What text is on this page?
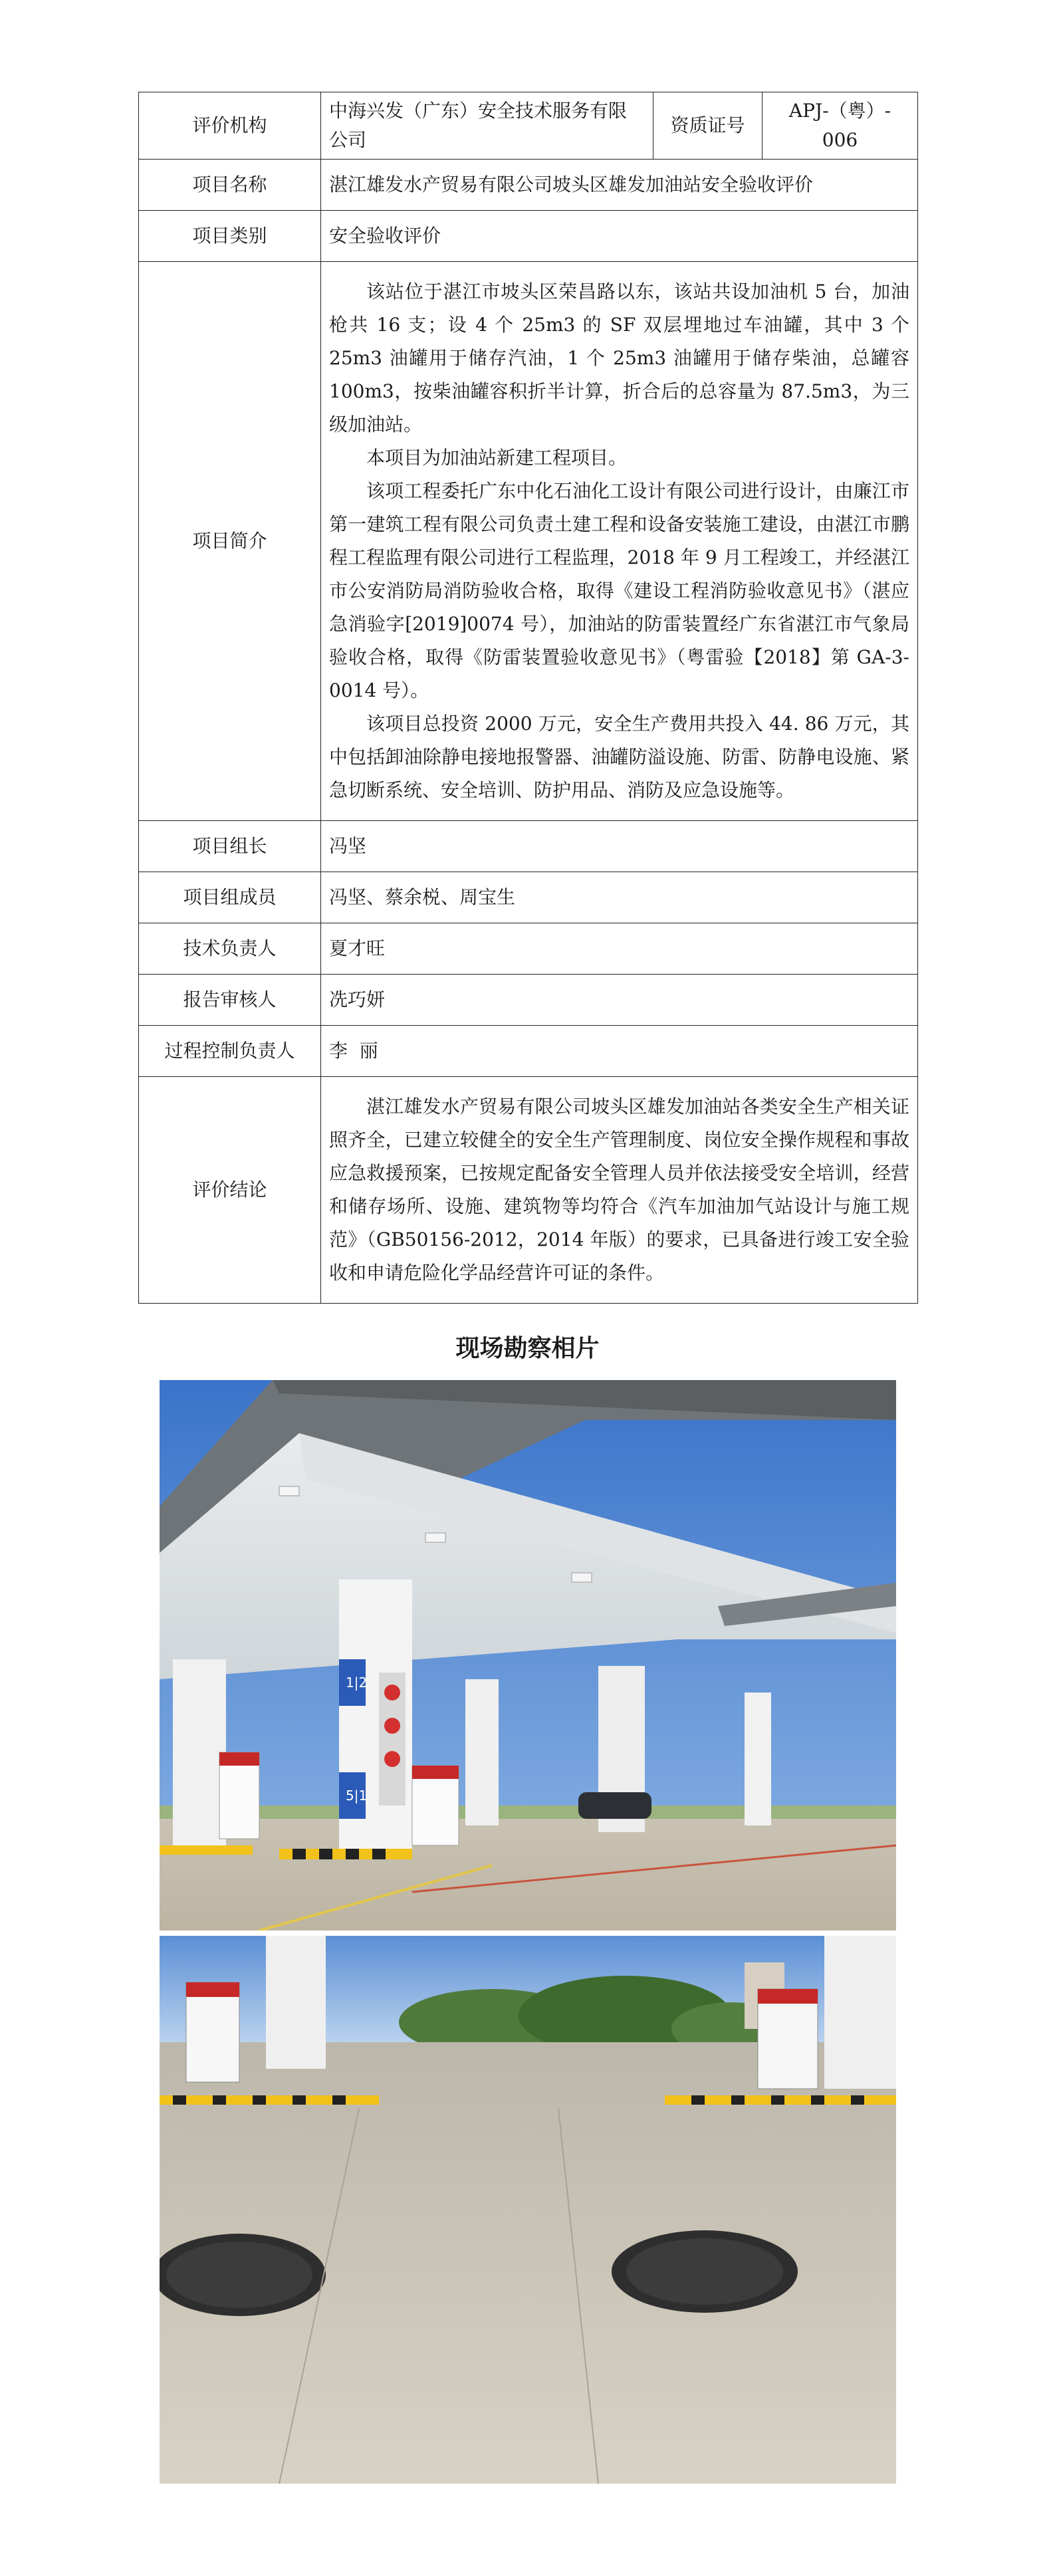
评价机构	中海兴发（广东）安全技术服务有限公司	资质证号	APJ-（粤）- 006
项目名称	湛江雄发水产贸易有限公司坡头区雄发加油站安全验收评价		
项目类别	安全验收评价		
项目简介	该站位于湛江市坡头区荣昌路以东，该站共设加油机 5 台，加油枪共 16 支；设 4 个 25m3 的 SF 双层埋地过车油罐，其中 3 个 25m3 油罐用于储存汽油，1 个 25m3 油罐用于储存柴油，总罐容 100m3，按柴油罐容积折半计算，折合后的总容量为 87.5m3，为三级加油站。

本项目为加油站新建工程项目。

该项工程委托广东中化石油化工设计有限公司进行设计，由廉江市第一建筑工程有限公司负责土建工程和设备安装施工建设，由湛江市鹏程工程监理有限公司进行工程监理，2018 年 9 月工程竣工，并经湛江市公安消防局消防验收合格，取得《建设工程消防验收意见书》（湛应急消验字[2019]0074 号），加油站的防雷装置经广东省湛江市气象局验收合格，取得《防雷装置验收意见书》（粤雷验【2018】第 GA-3-0014 号）。

该项目总投资 2000 万元，安全生产费用共投入 44. 86 万元，其中包括卸油除静电接地报警器、油罐防溢设施、防雷、防静电设施、紧急切断系统、安全培训、防护用品、消防及应急设施等。		

项目组长	冯坚		
项目组成员	冯坚、蔡余棁、周宝生		
技术负责人	夏才旺		
报告审核人	冼巧妍		
过程控制负责人	李  丽		
评价结论	湛江雄发水产贸易有限公司坡头区雄发加油站各类安全生产相关证照齐全，已建立较健全的安全生产管理制度、岗位安全操作规程和事故应急救援预案，已按规定配备安全管理人员并依法接受安全培训，经营和储存场所、设施、建筑物等均符合《汽车加油加气站设计与施工规范》（GB50156-2012，2014 年版）的要求，已具备进行竣工安全验收和申请危险化学品经营许可证的条件。		

现场勘察相片
1|2
5|1
